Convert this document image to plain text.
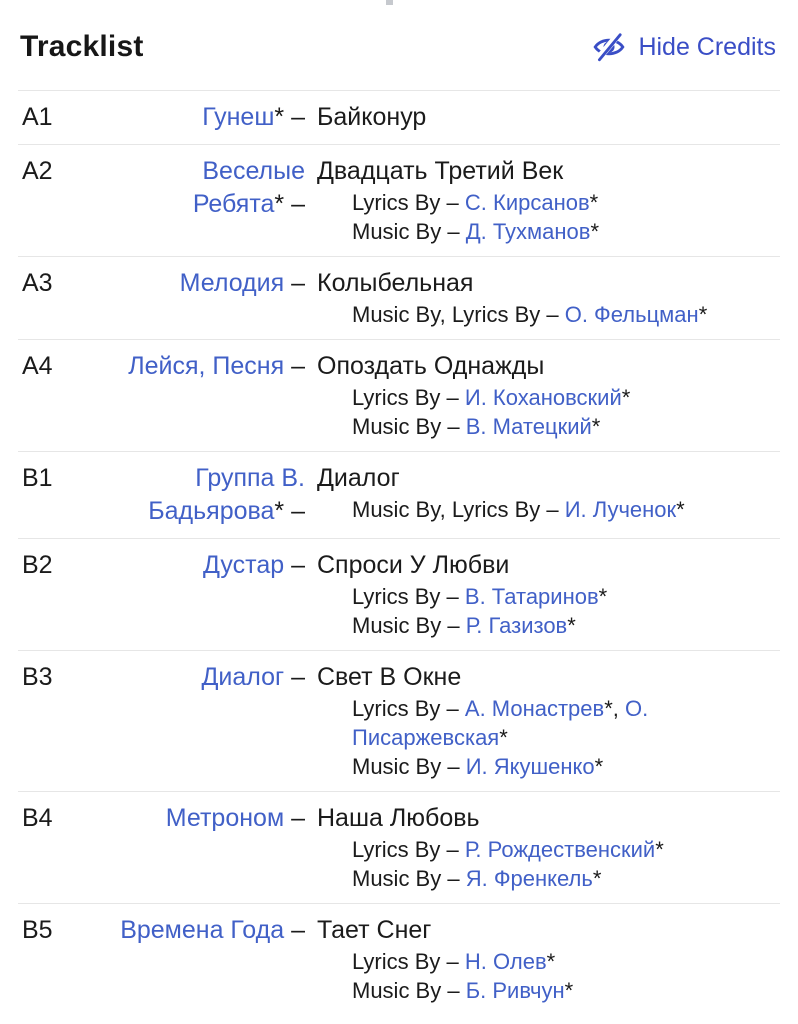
Tracklist	Hide Credits
A1	Гунеш* – Байконур
A2	Веселые Ребята* –
Двадцать Третий Век
Lyrics By – С. Кирсанов*
Music By – Д. Тухманов*
A3	Мелодия – Колыбельная
Music By, Lyrics By – О. Фельцман*
A4	Лейся, Песня – Опоздать Однажды
Lyrics By – И. Кохановский*
Music By – В. Матецкий*
B1	Группа В. Бадьярова* –
Диалог
Music By, Lyrics By – И. Лученок*
B2	Дустар – Спроси У Любви
Lyrics By – В. Татаринов*
Music By – Р. Газизов*
B3	Диалог – Свет В Окне
Lyrics By – А. Монастрев*, О. Писаржевская*
Music By – И. Якушенко*
B4	Метроном – Наша Любовь
Lyrics By – Р. Рождественский*
Music By – Я. Френкель*
B5	Времена Года – Тает Снег
Lyrics By – Н. Олев*
Music By – Б. Ривчун*
